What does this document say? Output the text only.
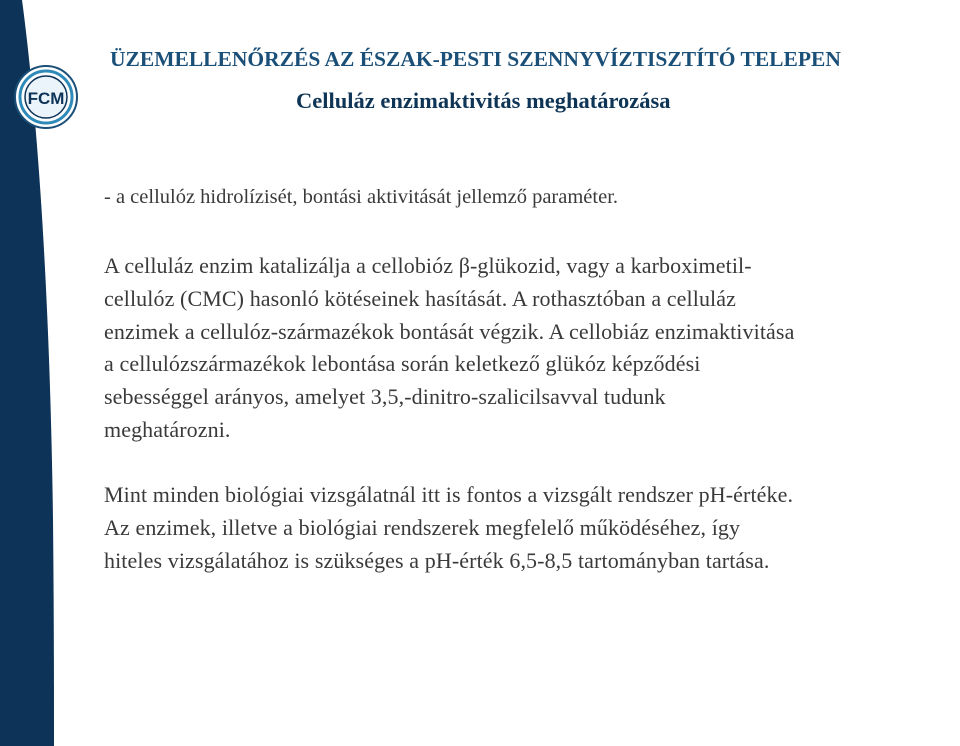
FCM
ÜZEMELLENŐRZÉS AZ ÉSZAK-PESTI SZENNYVÍZTISZTÍTÓ TELEPEN
Celluláz enzimaktivitás meghatározása
- a cellulóz hidrolízisét, bontási aktivitását jellemző paraméter.
A celluláz enzim katalizálja a cellobióz β-glükozid, vagy a karboximetil-
cellulóz (CMC) hasonló kötéseinek hasítását. A rothasztóban a celluláz
enzimek a cellulóz-származékok bontását végzik. A cellobiáz enzimaktivitása
a cellulózszármazékok lebontása során keletkező glükóz képződési
sebességgel arányos, amelyet 3,5,-dinitro-szalicilsavval tudunk
meghatározni.
Mint minden biológiai vizsgálatnál itt is fontos a vizsgált rendszer pH-értéke.
Az enzimek, illetve a biológiai rendszerek megfelelő működéséhez, így
hiteles vizsgálatához is szükséges a pH-érték 6,5-8,5 tartományban tartása.
